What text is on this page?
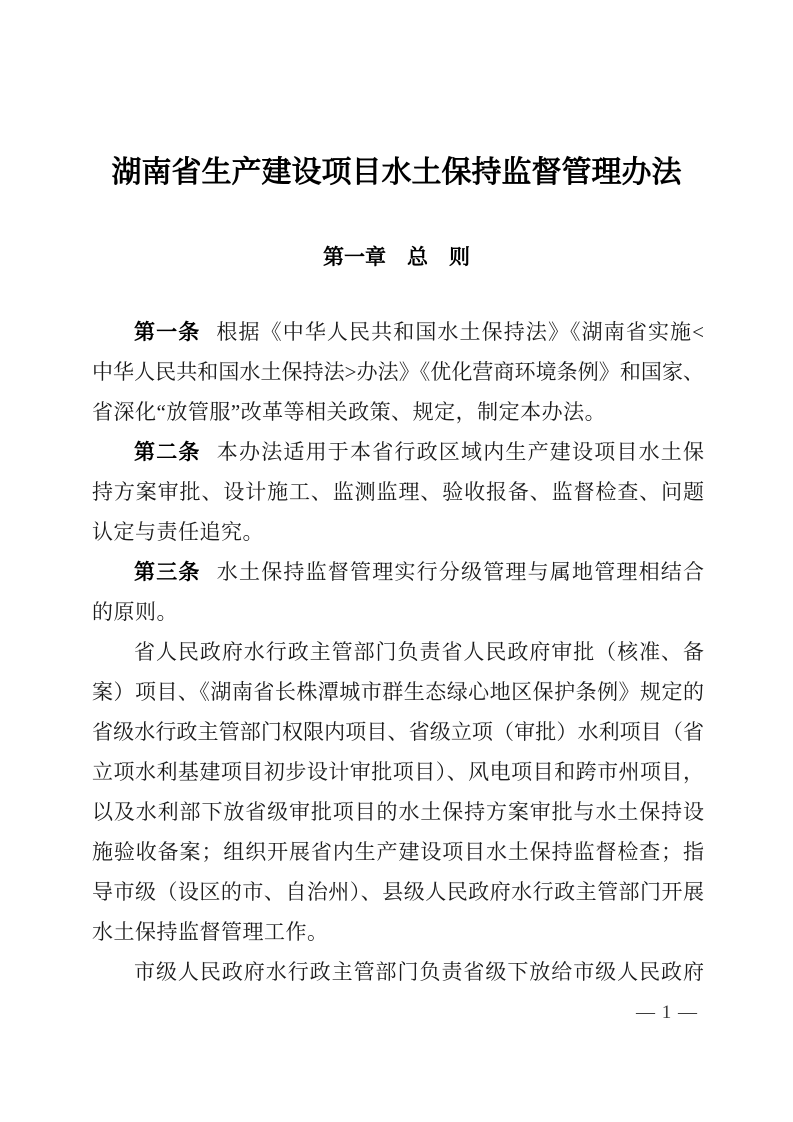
湖南省生产建设项目水土保持监督管理办法
第一章　总　则
第一条 根据《中华人民共和国水土保持法》《湖南省实施<
中华人民共和国水土保持法>办法》《优化营商环境条例》和国家、
省深化“放管服”改革等相关政策、规定，制定本办法。
第二条 本办法适用于本省行政区域内生产建设项目水土保
持方案审批、设计施工、监测监理、验收报备、监督检查、问题
认定与责任追究。
第三条 水土保持监督管理实行分级管理与属地管理相结合
的原则。
省人民政府水行政主管部门负责省人民政府审批（核准、备
案）项目、《湖南省长株潭城市群生态绿心地区保护条例》规定的
省级水行政主管部门权限内项目、省级立项（审批）水利项目（省
立项水利基建项目初步设计审批项目）、风电项目和跨市州项目，
以及水利部下放省级审批项目的水土保持方案审批与水土保持设
施验收备案；组织开展省内生产建设项目水土保持监督检查；指
导市级（设区的市、自治州）、县级人民政府水行政主管部门开展
水土保持监督管理工作。
市级人民政府水行政主管部门负责省级下放给市级人民政府
— 1 —
